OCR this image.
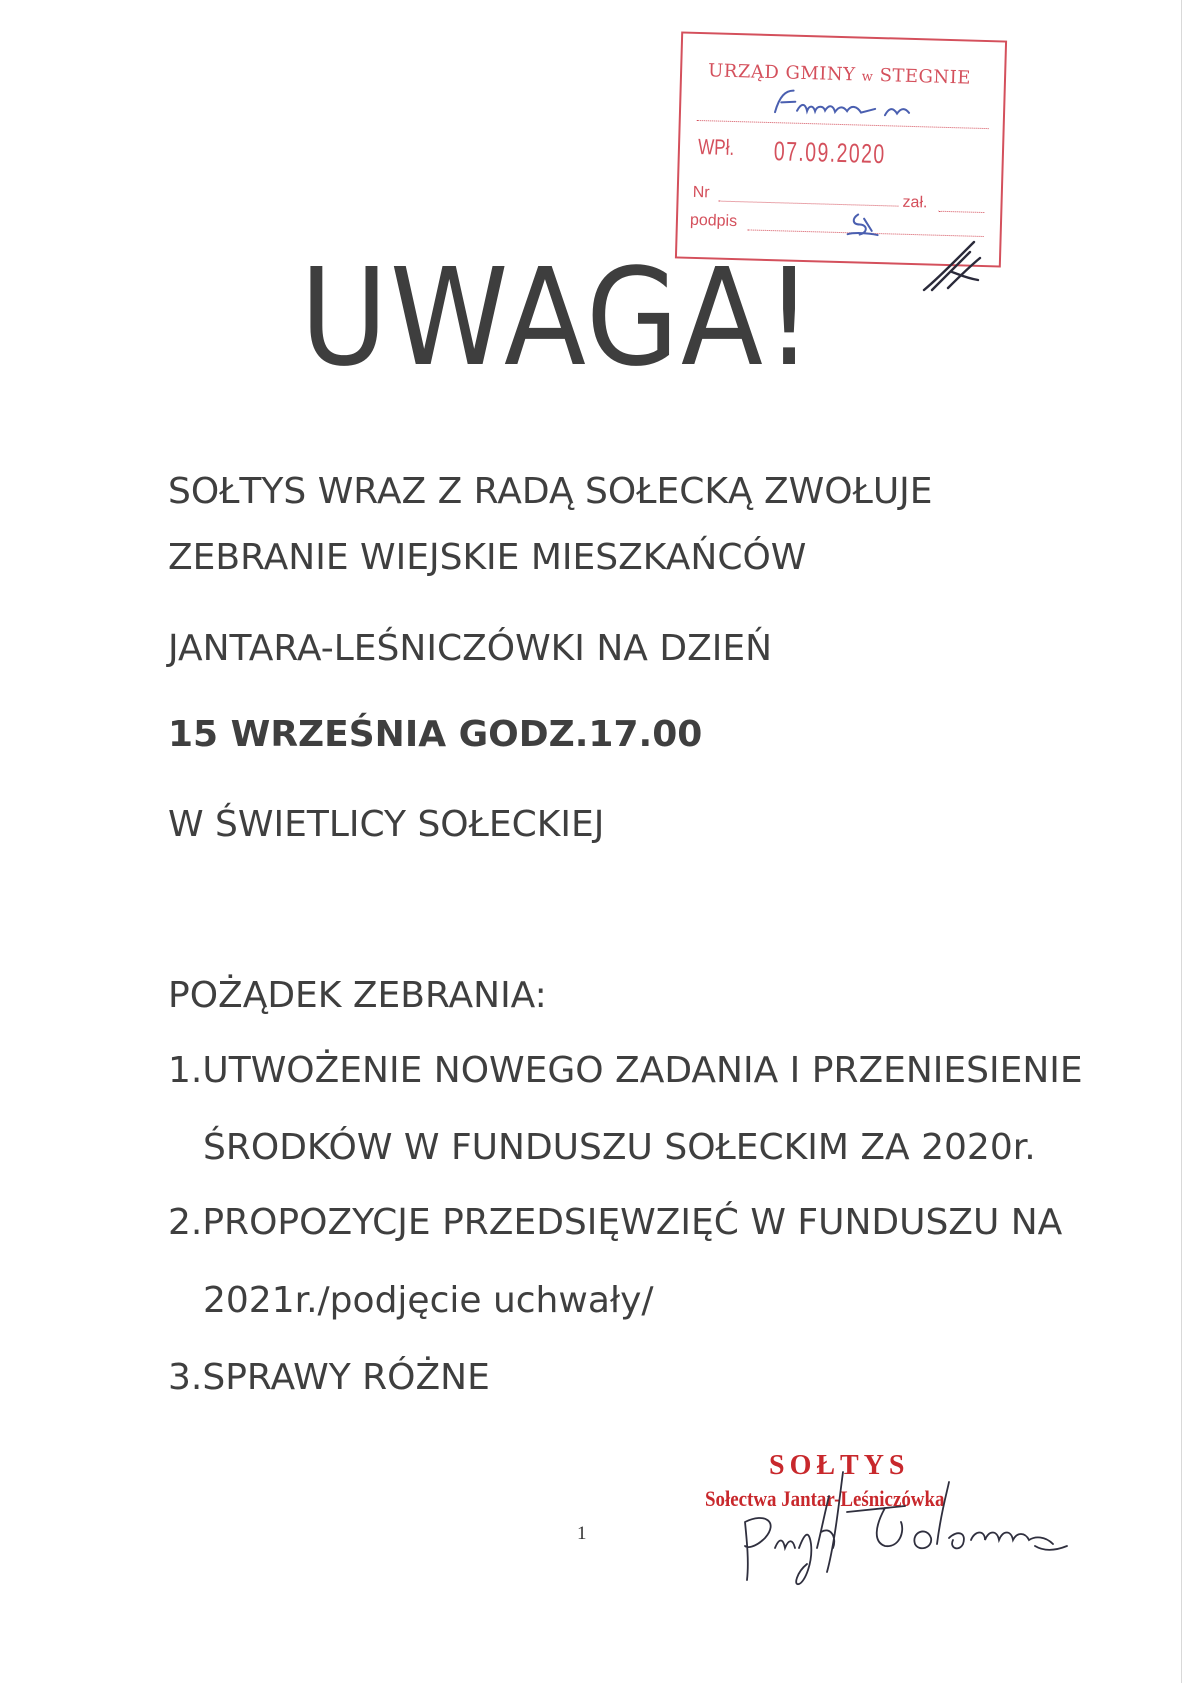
URZĄD GMINY w STEGNIE
WPł. 07.09.2020
Nr
zał.
podpis
UWAGA!
SOŁTYS WRAZ Z RADĄ SOŁECKĄ ZWOŁUJE
ZEBRANIE WIEJSKIE MIESZKAŃCÓW
JANTARA-LEŚNICZÓWKI NA DZIEŃ
15 WRZEŚNIA GODZ.17.00
W ŚWIETLICY SOŁECKIEJ
POŻĄDEK ZEBRANIA:
1.UTWOŻENIE NOWEGO ZADANIA I PRZENIESIENIE
ŚRODKÓW W FUNDUSZU SOŁECKIM ZA 2020r.
2.PROPOZYCJE PRZEDSIĘWZIĘĆ W FUNDUSZU NA
2021r./podjęcie uchwały/
3.SPRAWY RÓŻNE
1
SOŁTYS
Sołectwa Jantar-Leśniczówka
